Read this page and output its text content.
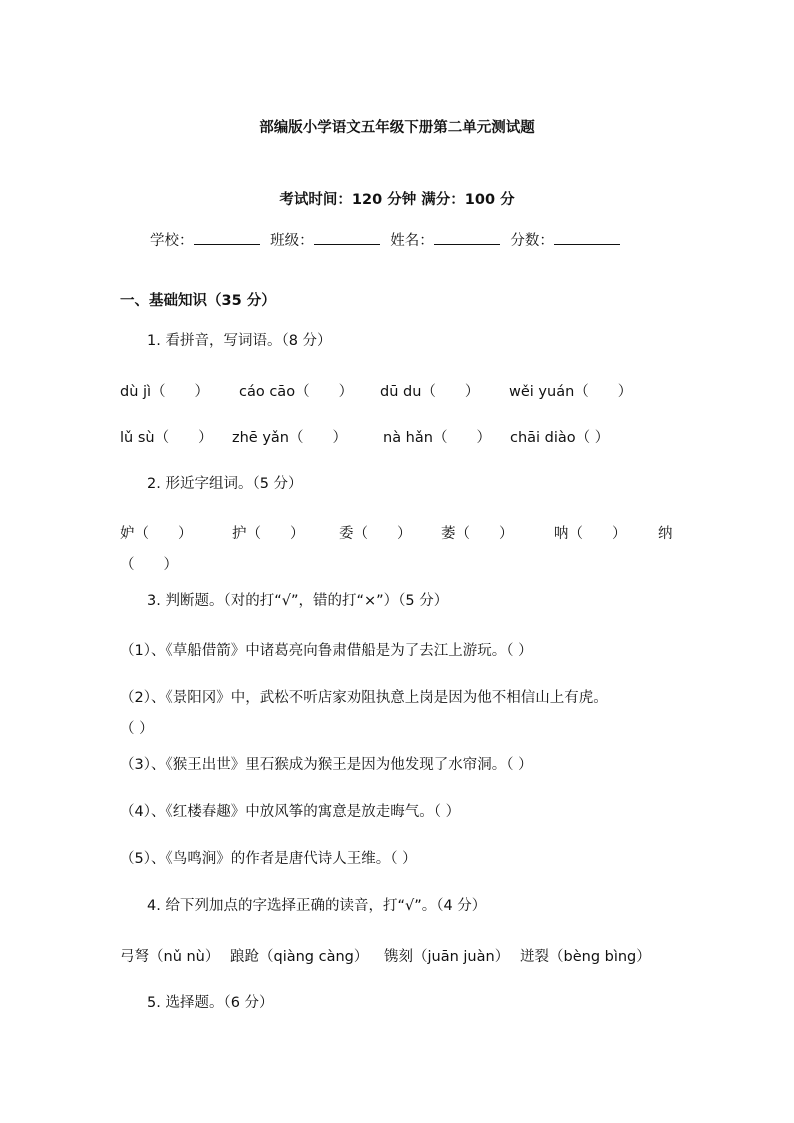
部编版小学语文五年级下册第二单元测试题
考试时间：120 分钟 满分：100 分
学校：	班级：	姓名：	分数：
一、基础知识（35 分）
1. 看拼音，写词语。（8 分）
dù jì（　　） cáo cāo（　　） dū du（　　） wěi yuán（　　）
lǔ sù（　　） zhē yǎn（　　） nà hǎn（　　） chāi diào（ ）
2. 形近字组词。（5 分）
妒（　　）	护（　　） 委（　　） 萎（　　）	呐（　　） 纳
（　　）
3. 判断题。（对的打“√”，错的打“×”）（5 分）
（1）、《草船借箭》中诸葛亮向鲁肃借船是为了去江上游玩。（ ）
（2）、《景阳冈》中，武松不听店家劝阻执意上岗是因为他不相信山上有虎。
（ ）
（3）、《猴王出世》里石猴成为猴王是因为他发现了水帘洞。（ ）
（4）、《红楼春趣》中放风筝的寓意是放走晦气。（ ）
（5）、《鸟鸣涧》的作者是唐代诗人王维。（ ）
4. 给下列加点的字选择正确的读音，打“√”。（4 分）
弓弩（nǔ nù） 踉跄（qiàng càng） 镌刻（juān juàn） 迸裂（bèng bìng）
5. 选择题。（6 分）
